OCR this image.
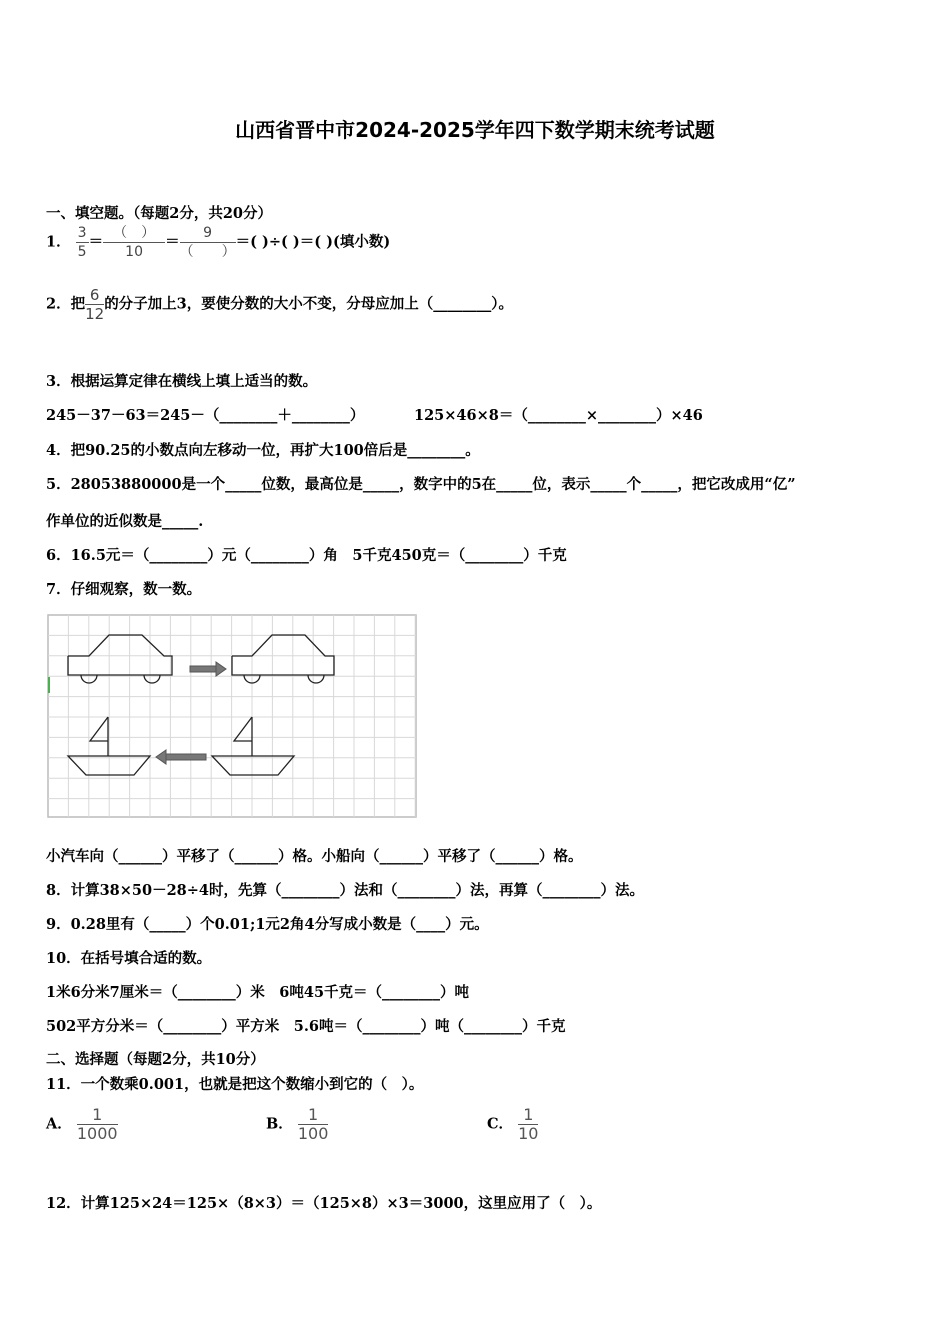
山西省晋中市2024-2025学年四下数学期末统考试题
一、填空题。（每题2分，共20分）
1． $\frac{3}{5} = \frac{( )}{10} = \frac{9}{( )}$ ＝( )÷( )＝( )(填小数)
2．把 $\frac{6}{12}$ 的分子加上3，要使分数的大小不变，分母应加上（________）。
3．根据运算定律在横线上填上适当的数。
245－37－63＝245－（________＋________）	125×46×8＝（________×________）×46
4．把90.25的小数点向左移动一位，再扩大100倍后是________。
5．28053880000是一个_____位数，最高位是_____，数字中的5在_____位，表示_____个_____，把它改成用“亿”
作单位的近似数是_____.
6．16.5元＝（________）元（________）角　5千克450克＝（________）千克
7．仔细观察，数一数。
小汽车向（______）平移了（______）格。小船向（______）平移了（______）格。
8．计算38×50－28÷4时，先算（________）法和（________）法，再算（________）法。
9．0.28里有（_____）个0.01;1元2角4分写成小数是（____）元。
10．在括号填合适的数。
1米6分米7厘米＝（________）米　6吨45千克＝（________）吨
502平方分米＝（________）平方米　5.6吨＝（________）吨（________）千克
二、选择题（每题2分，共10分）
11．一个数乘0.001，也就是把这个数缩小到它的（　）。
A． $\frac{1}{1000}$	B． $\frac{1}{100}$	C． $\frac{1}{10}$
12．计算125×24＝125×（8×3）＝（125×8）×3＝3000，这里应用了（　）。
